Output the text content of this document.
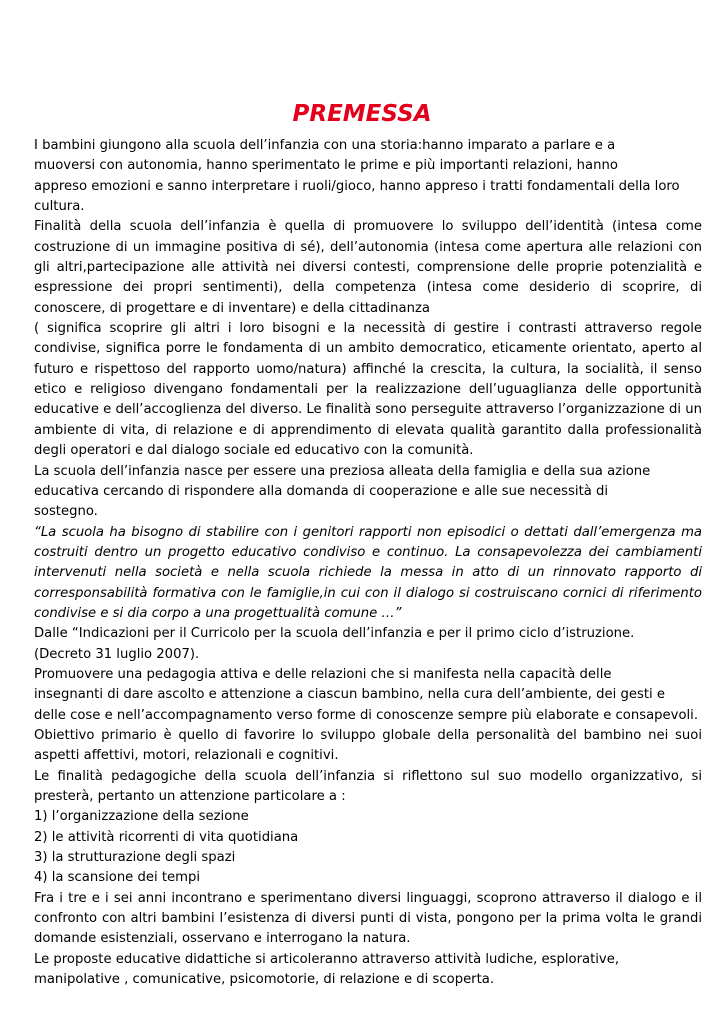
PREMESSA

I bambini giungono alla scuola dell’infanzia con una storia:hanno imparato a parlare e a
muoversi con autonomia, hanno sperimentato le prime e più importanti relazioni, hanno
appreso emozioni e sanno interpretare i ruoli/gioco, hanno appreso i tratti fondamentali della loro
cultura.

Finalità della scuola dell’infanzia è quella di promuovere lo sviluppo dell’identità (intesa come costruzione di un immagine positiva di sé), dell’autonomia (intesa come apertura alle relazioni con gli altri,partecipazione alle attività nei diversi contesti, comprensione delle proprie potenzialità e espressione dei propri sentimenti), della competenza (intesa come desiderio di scoprire, di conoscere, di progettare e di inventare) e della cittadinanza

( significa scoprire gli altri i loro bisogni e la necessità di gestire i contrasti attraverso regole condivise, significa porre le fondamenta di un ambito democratico, eticamente orientato, aperto al futuro e rispettoso del rapporto uomo/natura) affinché la crescita, la cultura, la socialità, il senso etico e religioso divengano fondamentali per la realizzazione dell’uguaglianza delle opportunità educative e dell’accoglienza del diverso. Le finalità sono perseguite attraverso l’organizzazione di un ambiente di vita, di relazione e di apprendimento di elevata qualità garantito dalla professionalità degli operatori e dal dialogo sociale ed educativo con la comunità.

La scuola dell’infanzia nasce per essere una preziosa alleata della famiglia e della sua azione
educativa cercando di rispondere alla domanda di cooperazione e alle sue necessità di
sostegno.

“La scuola ha bisogno di stabilire con i genitori rapporti non episodici o dettati dall’emergenza ma costruiti dentro un progetto educativo condiviso e continuo. La consapevolezza dei cambiamenti intervenuti nella società e nella scuola richiede la messa in atto di un rinnovato rapporto di corresponsabilità formativa con le famiglie,in cui con il dialogo si costruiscano cornici di riferimento condivise e si dia corpo a una progettualità comune …”

Dalle “Indicazioni per il Curricolo per la scuola dell’infanzia e per il primo ciclo d’istruzione.
(Decreto 31 luglio 2007).

Promuovere una pedagogia attiva e delle relazioni che si manifesta nella capacità delle
insegnanti di dare ascolto e attenzione a ciascun bambino, nella cura dell’ambiente, dei gesti e
delle cose e nell’accompagnamento verso forme di conoscenze sempre più elaborate e consapevoli.

Obiettivo primario è quello di favorire lo sviluppo globale della personalità del bambino nei suoi aspetti affettivi, motori, relazionali e cognitivi.

Le finalità pedagogiche della scuola dell’infanzia si riflettono sul suo modello organizzativo, si presterà, pertanto un attenzione particolare a :

1) l’organizzazione della sezione
2) le attività ricorrenti di vita quotidiana
3) la strutturazione degli spazi
4) la scansione dei tempi

Fra i tre e i sei anni incontrano e sperimentano diversi linguaggi, scoprono attraverso il dialogo e il confronto con altri bambini l’esistenza di diversi punti di vista, pongono per la prima volta le grandi domande esistenziali, osservano e interrogano la natura.

Le proposte educative didattiche si articoleranno attraverso attività ludiche, esplorative,
manipolative , comunicative, psicomotorie, di relazione e di scoperta.
